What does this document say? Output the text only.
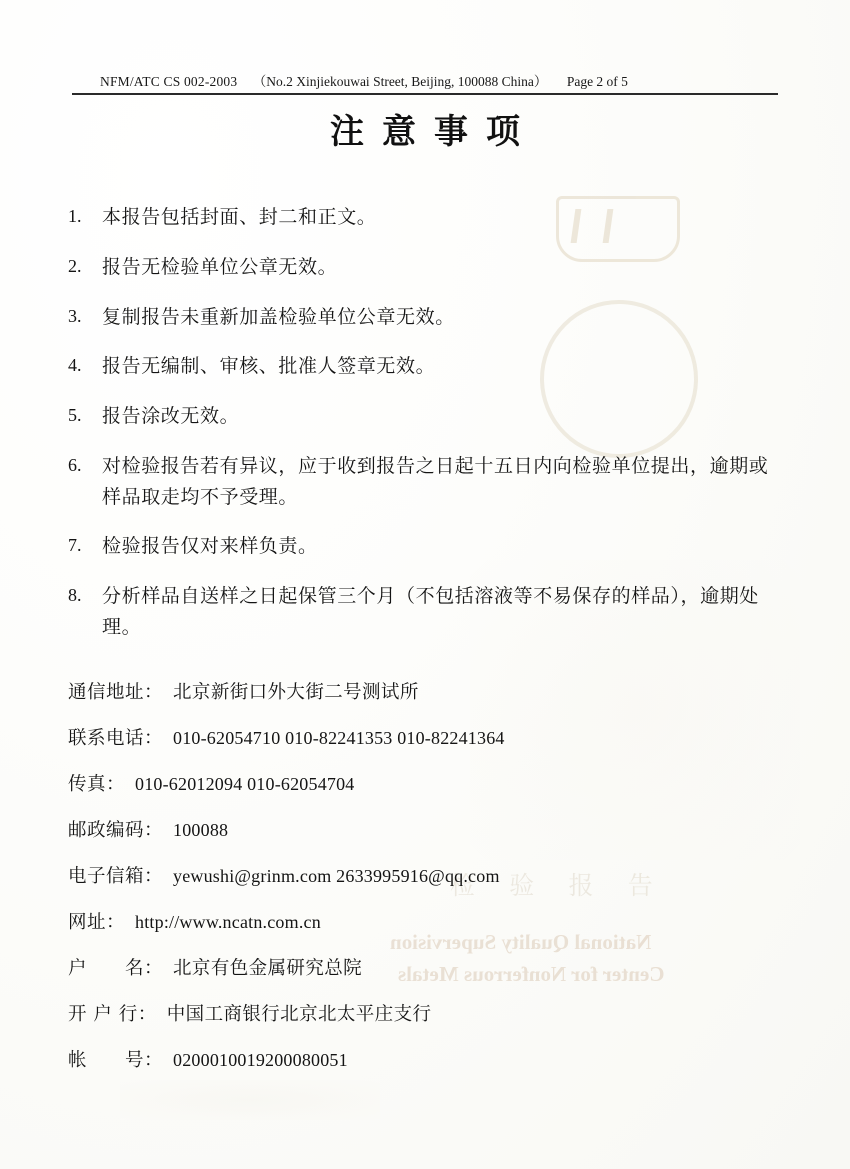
检 验 报 告
National Quality Supervision
Center for Nonferrous Metals
NFM/ATC CS 002-2003 （No.2 Xinjiekouwai Street, Beijing, 100088 China） Page 2 of 5
注意事项
1.	本报告包括封面、封二和正文。
2.	报告无检验单位公章无效。
3.	复制报告未重新加盖检验单位公章无效。
4.	报告无编制、审核、批准人签章无效。
5.	报告涂改无效。
6.	对检验报告若有异议，应于收到报告之日起十五日内向检验单位提出，逾期或样品取走均不予受理。
7.	检验报告仅对来样负责。
8.	分析样品自送样之日起保管三个月（不包括溶液等不易保存的样品），逾期处理。
通信地址： 北京新街口外大街二号测试所
联系电话： 010-62054710 010-82241353 010-82241364
传真： 010-62012094 010-62054704
邮政编码： 100088
电子信箱： yewushi@grinm.com 2633995916@qq.com
网址： http://www.ncatn.com.cn
户　　名： 北京有色金属研究总院
开 户 行： 中国工商银行北京北太平庄支行
帐　　号： 0200010019200080051
